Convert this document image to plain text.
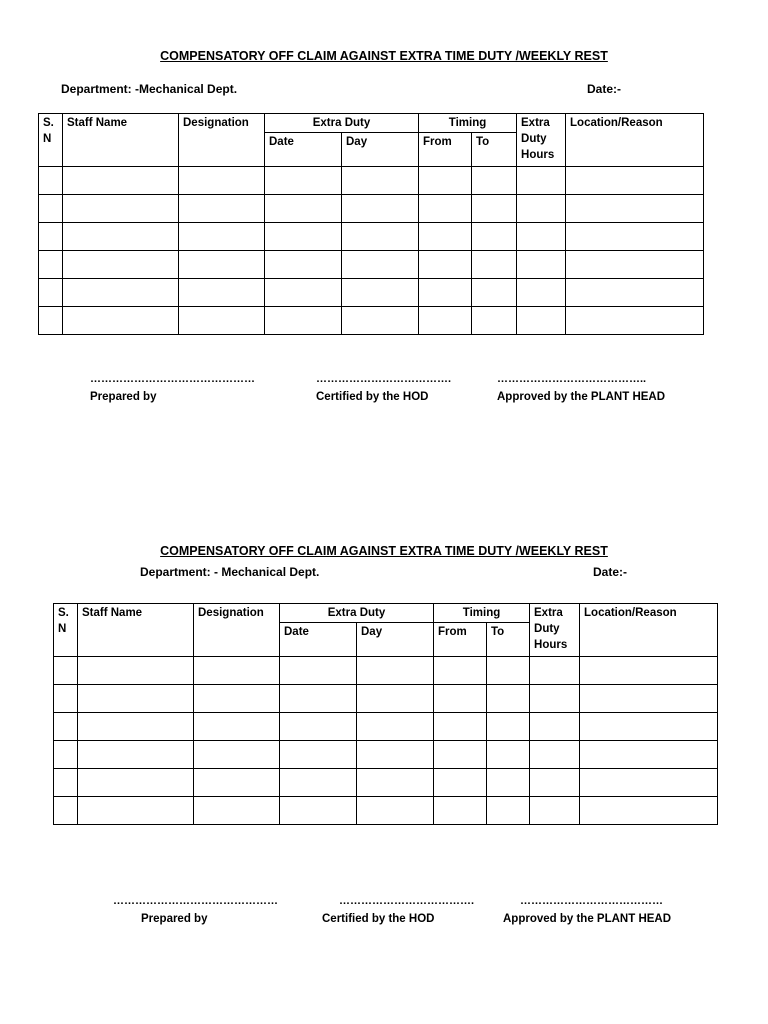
COMPENSATORY OFF CLAIM AGAINST EXTRA TIME DUTY /WEEKLY REST
Department: -Mechanical Dept.	Date:-
S. N	Staff Name	Designation	Extra Duty		Timing		Extra Duty Hours	Location/Reason
			Date	Day	From	To		

………………………………………	……………………………….	…………………………………..
Prepared by	Certified by the HOD	Approved by the PLANT HEAD
COMPENSATORY OFF CLAIM AGAINST EXTRA TIME DUTY /WEEKLY REST
Department: - Mechanical Dept.	Date:-
S. N	Staff Name	Designation	Extra Duty		Timing		Extra Duty Hours	Location/Reason
			Date	Day	From	To		

………………………………………	……………………………….	…………………………………
Prepared by	Certified by the HOD	Approved by the PLANT HEAD
